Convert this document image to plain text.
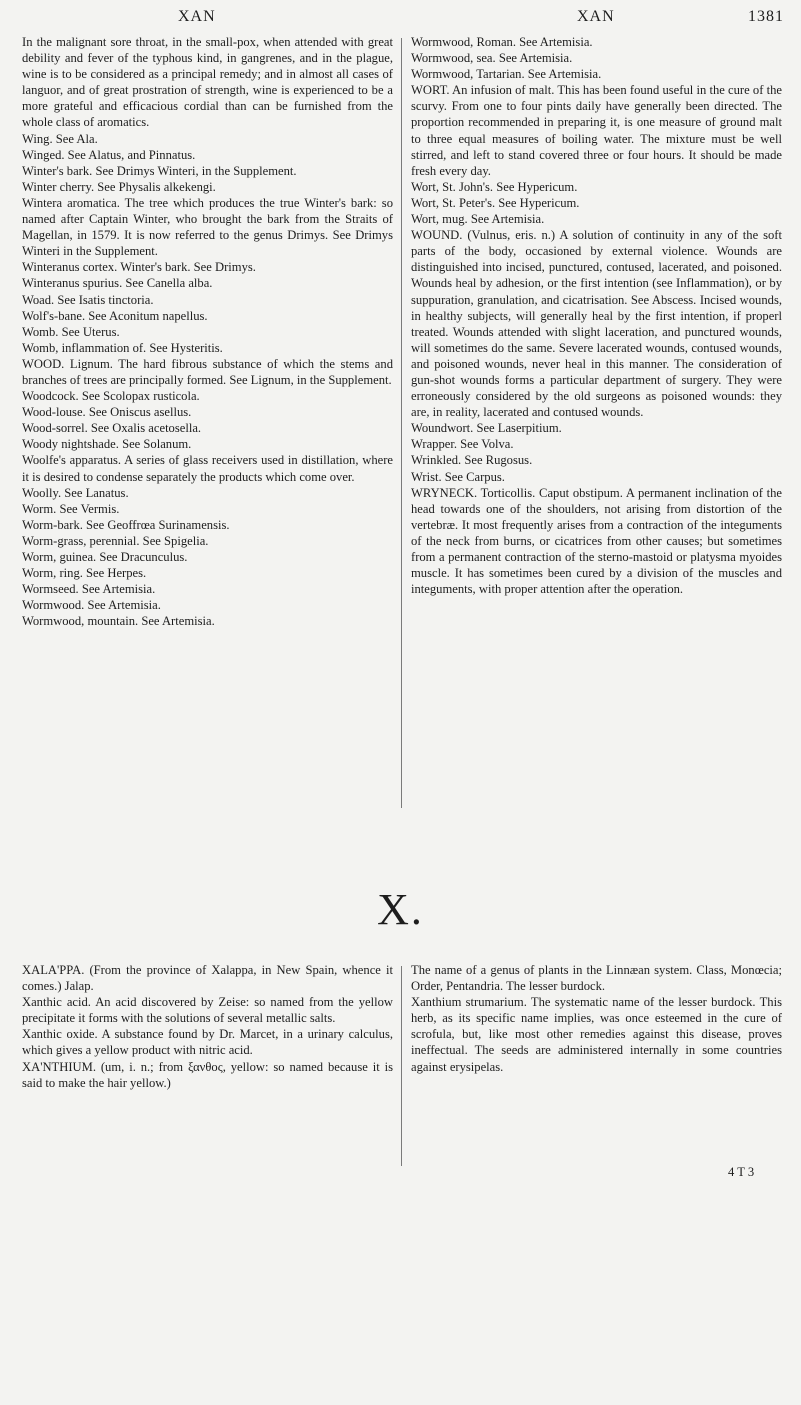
XAN	XAN	1381

In the malignant sore throat, in the small-pox, when attended with great debility and fever of the typhous kind, in gangrenes, and in the plague, wine is to be considered as a principal remedy; and in almost all cases of languor, and of great prostration of strength, wine is experienced to be a more grateful and efficacious cordial than can be furnished from the whole class of aromatics.

Wing. See Ala.

Winged. See Alatus, and Pinnatus.

Winter's bark. See Drimys Winteri, in the Supplement.

Winter cherry. See Physalis alkekengi.

Wintera aromatica. The tree which produces the true Winter's bark: so named after Captain Winter, who brought the bark from the Straits of Magellan, in 1579. It is now referred to the genus Drimys. See Drimys Winteri in the Supplement.

Winteranus cortex. Winter's bark. See Drimys.

Winteranus spurius. See Canella alba.

Woad. See Isatis tinctoria.

Wolf's-bane. See Aconitum napellus.

Womb. See Uterus.

Womb, inflammation of. See Hysteritis.

WOOD. Lignum. The hard fibrous substance of which the stems and branches of trees are principally formed. See Lignum, in the Supplement.

Woodcock. See Scolopax rusticola.

Wood-louse. See Oniscus asellus.

Wood-sorrel. See Oxalis acetosella.

Woody nightshade. See Solanum.

Woolfe's apparatus. A series of glass receivers used in distillation, where it is desired to condense separately the products which come over.

Woolly. See Lanatus.

Worm. See Vermis.

Worm-bark. See Geoffrœa Surinamensis.

Worm-grass, perennial. See Spigelia.

Worm, guinea. See Dracunculus.

Worm, ring. See Herpes.

Wormseed. See Artemisia.

Wormwood. See Artemisia.

Wormwood, mountain. See Artemisia.

Wormwood, Roman. See Artemisia.

Wormwood, sea. See Artemisia.

Wormwood, Tartarian. See Artemisia.

WORT. An infusion of malt. This has been found useful in the cure of the scurvy. From one to four pints daily have generally been directed. The proportion recommended in preparing it, is one measure of ground malt to three equal measures of boiling water. The mixture must be well stirred, and left to stand covered three or four hours. It should be made fresh every day.

Wort, St. John's. See Hypericum.

Wort, St. Peter's. See Hypericum.

Wort, mug. See Artemisia.

WOUND. (Vulnus, eris. n.) A solution of continuity in any of the soft parts of the body, occasioned by external violence. Wounds are distinguished into incised, punctured, contused, lacerated, and poisoned. Wounds heal by adhesion, or the first intention (see Inflammation), or by suppuration, granulation, and cicatrisation. See Abscess. Incised wounds, in healthy subjects, will generally heal by the first intention, if properl treated. Wounds attended with slight laceration, and punctured wounds, will sometimes do the same. Severe lacerated wounds, contused wounds, and poisoned wounds, never heal in this manner. The consideration of gun-shot wounds forms a particular department of surgery. They were erroneously considered by the old surgeons as poisoned wounds: they are, in reality, lacerated and contused wounds.

Woundwort. See Laserpitium.

Wrapper. See Volva.

Wrinkled. See Rugosus.

Wrist. See Carpus.

WRYNECK. Torticollis. Caput obstipum. A permanent inclination of the head towards one of the shoulders, not arising from distortion of the vertebræ. It most frequently arises from a contraction of the integuments of the neck from burns, or cicatrices from other causes; but sometimes from a permanent contraction of the sterno-mastoid or platysma myoides muscle. It has sometimes been cured by a division of the muscles and integuments, with proper attention after the operation.

X.

XALA'PPA. (From the province of Xalappa, in New Spain, whence it comes.) Jalap.

Xanthic acid. An acid discovered by Zeise: so named from the yellow precipitate it forms with the solutions of several metallic salts.

Xanthic oxide. A substance found by Dr. Marcet, in a urinary calculus, which gives a yellow product with nitric acid.

XA'NTHIUM. (um, i. n.; from ξανθος, yellow: so named because it is said to make the hair yellow.)

The name of a genus of plants in the Linnæan system. Class, Monœcia; Order, Pentandria. The lesser burdock.

Xanthium strumarium. The systematic name of the lesser burdock. This herb, as its specific name implies, was once esteemed in the cure of scrofula, but, like most other remedies against this disease, proves ineffectual. The seeds are administered internally in some countries against erysipelas.

4 T 3
